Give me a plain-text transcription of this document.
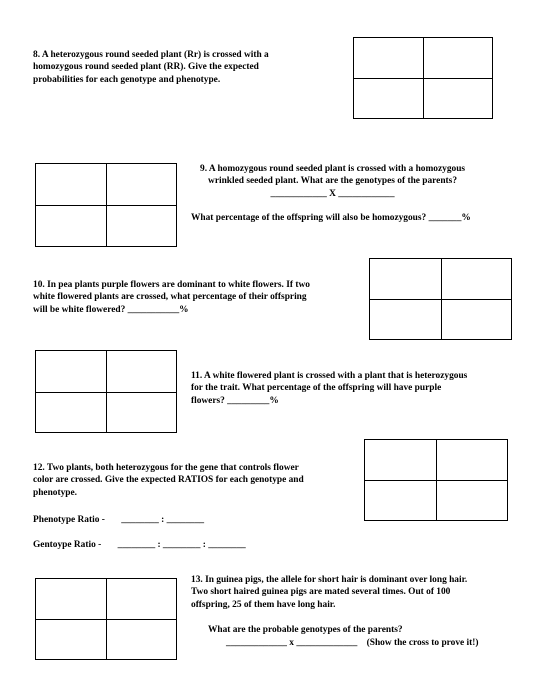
8. A heterozygous round seeded plant (Rr) is crossed with a
homozygous round seeded plant (RR). Give the expected
probabilities for each genotype and phenotype.
9. A homozygous round seeded plant is crossed with a homozygous
wrinkled seeded plant. What are the genotypes of the parents?
____________ X ____________
What percentage of the offspring will also be homozygous? _______%
10. In pea plants purple flowers are dominant to white flowers. If two
white flowered plants are crossed, what percentage of their offspring
will be white flowered? ___________%
11. A white flowered plant is crossed with a plant that is heterozygous
for the trait. What percentage of the offspring will have purple
flowers? _________%
12. Two plants, both heterozygous for the gene that controls flower
color are crossed. Give the expected RATIOS for each genotype and
phenotype.
Phenotype Ratio -       ________ : ________
Gentoype Ratio -       ________ : ________ : ________
13. In guinea pigs, the allele for short hair is dominant over long hair.
Two short haired guinea pigs are mated several times. Out of 100
offspring, 25 of them have long hair.
What are the probable genotypes of the parents?
_____________ x _____________    (Show the cross to prove it!)
